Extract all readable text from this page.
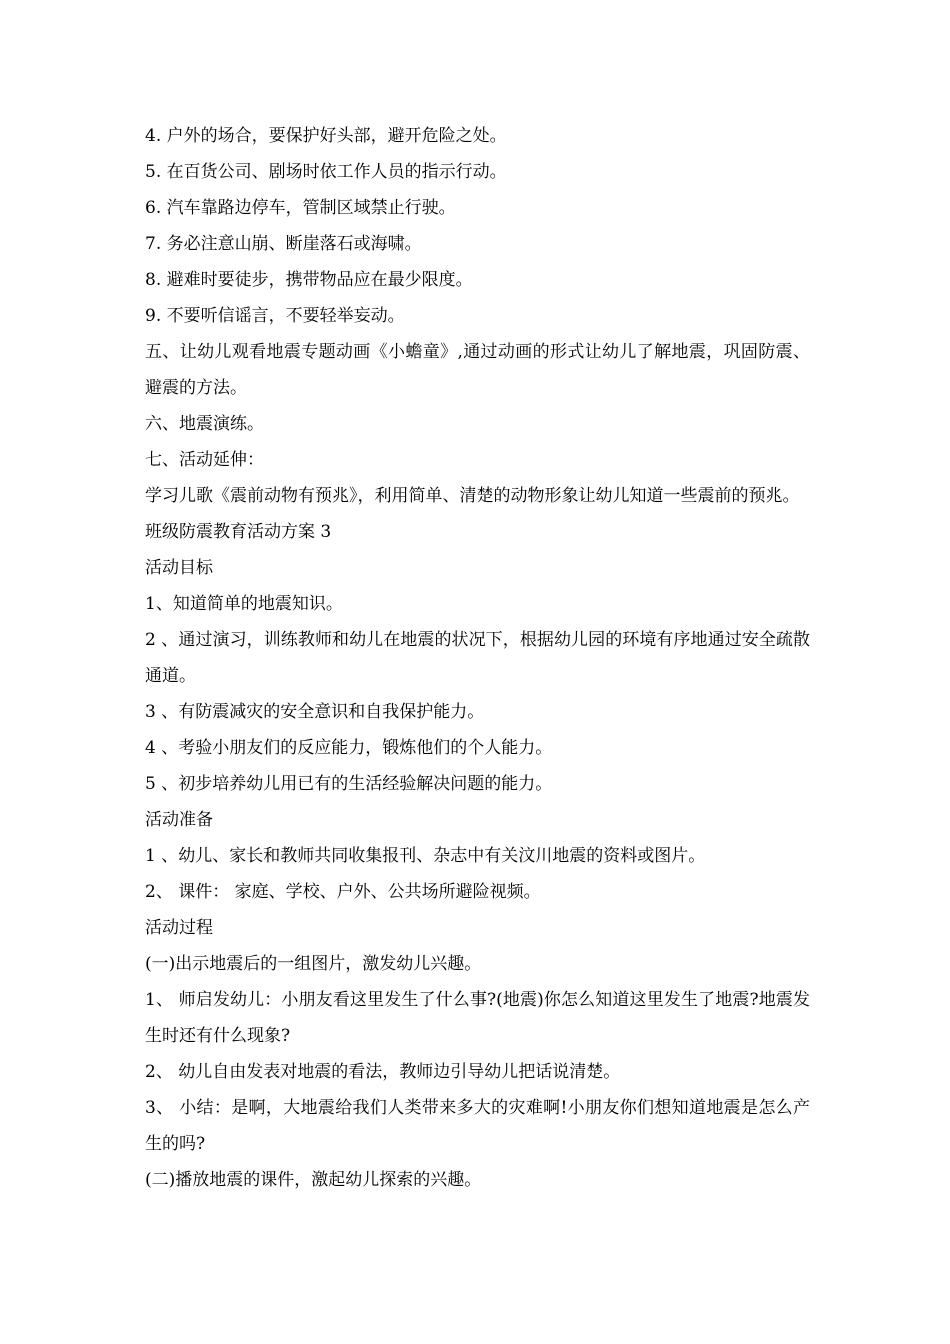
4. 户外的场合，要保护好头部，避开危险之处。

5. 在百货公司、剧场时依工作人员的指示行动。

6. 汽车靠路边停车，管制区域禁止行驶。

7. 务必注意山崩、断崖落石或海啸。

8. 避难时要徒步，携带物品应在最少限度。

9. 不要听信谣言，不要轻举妄动。

五、让幼儿观看地震专题动画《小蟾童》,通过动画的形式让幼儿了解地震，巩固防震、避震的方法。

六、地震演练。

七、活动延伸：

学习儿歌《震前动物有预兆》，利用简单、清楚的动物形象让幼儿知道一些震前的预兆。

班级防震教育活动方案 3

活动目标

1、知道简单的地震知识。

2 、通过演习，训练教师和幼儿在地震的状况下，根据幼儿园的环境有序地通过安全疏散通道。

3 、有防震减灾的安全意识和自我保护能力。

4 、考验小朋友们的反应能力，锻炼他们的个人能力。

5 、初步培养幼儿用已有的生活经验解决问题的能力。

活动准备

1 、幼儿、家长和教师共同收集报刊、杂志中有关汶川地震的资料或图片。

2、 课件： 家庭、学校、户外、公共场所避险视频。

活动过程

(一)出示地震后的一组图片，激发幼儿兴趣。

1、 师启发幼儿：小朋友看这里发生了什么事?(地震)你怎么知道这里发生了地震?地震发生时还有什么现象?

2、 幼儿自由发表对地震的看法，教师边引导幼儿把话说清楚。

3、 小结：是啊，大地震给我们人类带来多大的灾难啊!小朋友你们想知道地震是怎么产生的吗?

(二)播放地震的课件，激起幼儿探索的兴趣。
